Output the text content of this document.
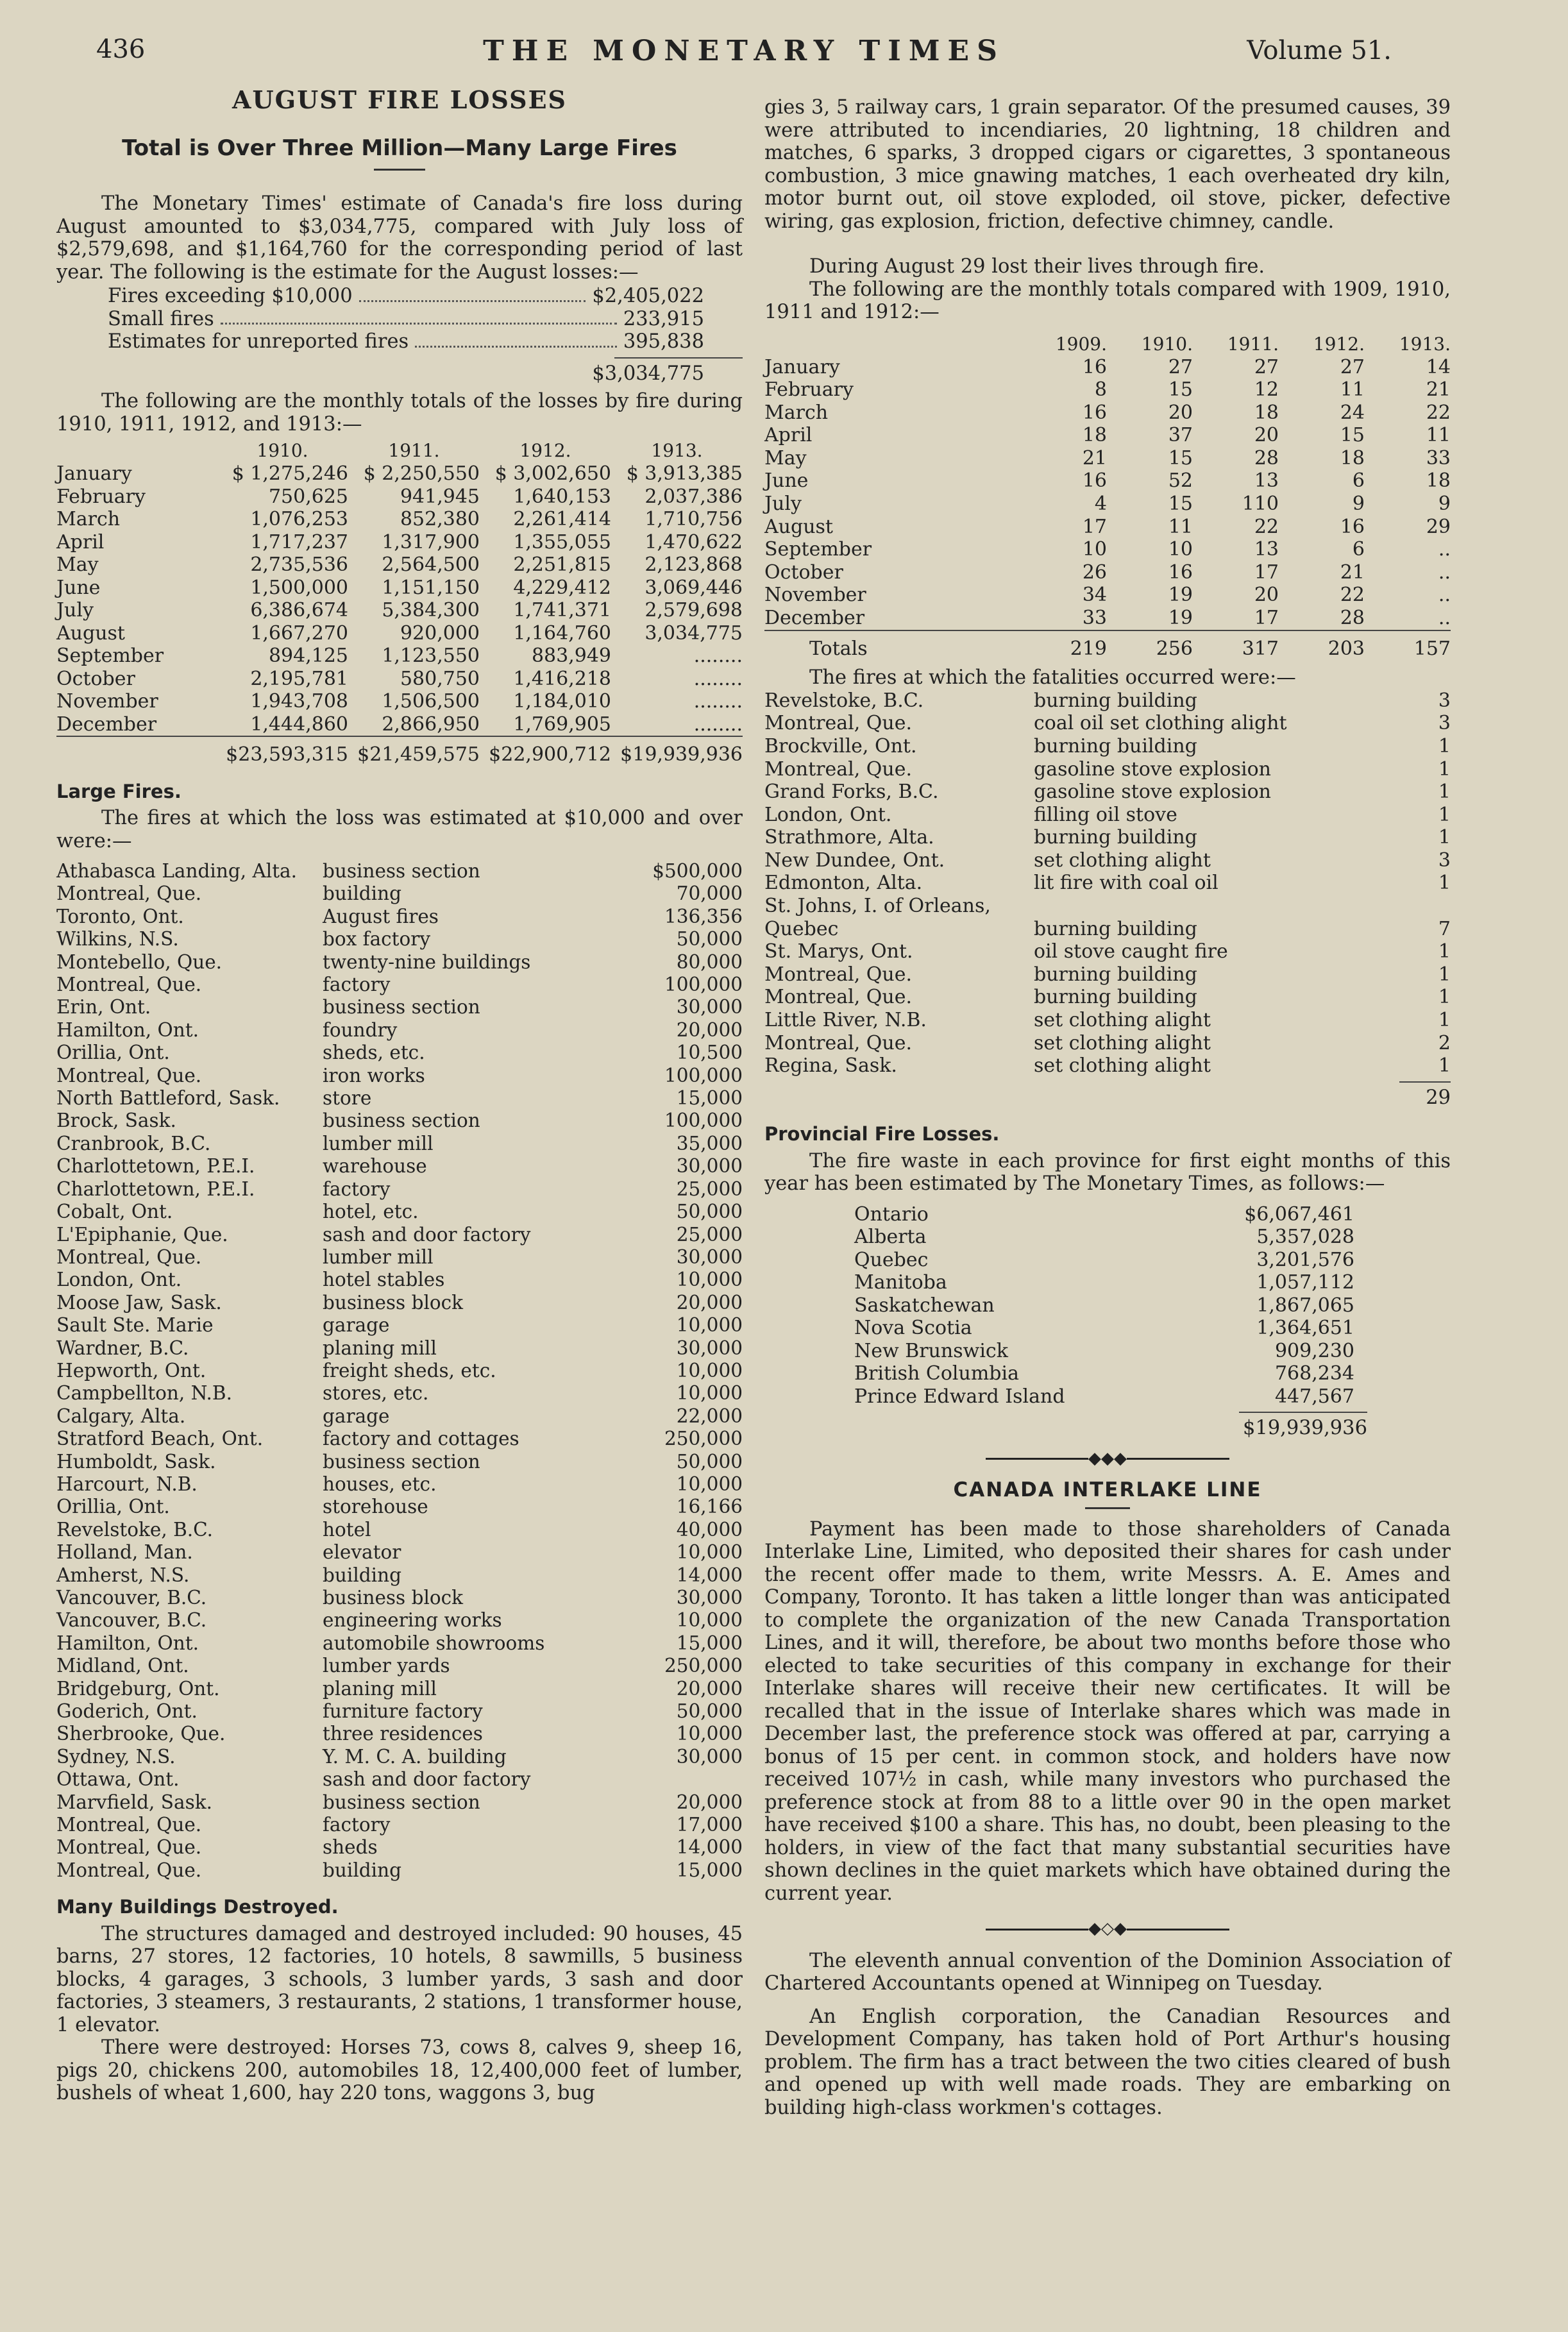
436	THE MONETARY TIMES	Volume 51.
AUGUST FIRE LOSSES
Total is Over Three Million—Many Large Fires

The Monetary Times' estimate of Canada's fire loss during August amounted to $3,034,775, compared with July loss of $2,579,698, and $1,164,760 for the corresponding period of last year. The following is the estimate for the August losses:—

Fires exceeding $10,000	$2,405,022
Small fires	233,915
Estimates for unreported fires	395,838
$3,034,775

The following are the monthly totals of the losses by fire during 1910, 1911, 1912, and 1913:—

	1910.	1911.	1912.	1913.
January	$ 1,275,246	$ 2,250,550	$ 3,002,650	$ 3,913,385
February	750,625	941,945	1,640,153	2,037,386
March	1,076,253	852,380	2,261,414	1,710,756
April	1,717,237	1,317,900	1,355,055	1,470,622
May	2,735,536	2,564,500	2,251,815	2,123,868
June	1,500,000	1,151,150	4,229,412	3,069,446
July	6,386,674	5,384,300	1,741,371	2,579,698
August	1,667,270	920,000	1,164,760	3,034,775
September	894,125	1,123,550	883,949	........
October	2,195,781	580,750	1,416,218	........
November	1,943,708	1,506,500	1,184,010	........
December	1,444,860	2,866,950	1,769,905	........
	$23,593,315	$21,459,575	$22,900,712	$19,939,936
Large Fires.

The fires at which the loss was estimated at $10,000 and over were:—

Athabasca Landing, Alta.	business section	$500,000
Montreal, Que.	building	70,000
Toronto, Ont.	August fires	136,356
Wilkins, N.S.	box factory	50,000
Montebello, Que.	twenty-nine buildings	80,000
Montreal, Que.	factory	100,000
Erin, Ont.	business section	30,000
Hamilton, Ont.	foundry	20,000
Orillia, Ont.	sheds, etc.	10,500
Montreal, Que.	iron works	100,000
North Battleford, Sask.	store	15,000
Brock, Sask.	business section	100,000
Cranbrook, B.C.	lumber mill	35,000
Charlottetown, P.E.I.	warehouse	30,000
Charlottetown, P.E.I.	factory	25,000
Cobalt, Ont.	hotel, etc.	50,000
L'Epiphanie, Que.	sash and door factory	25,000
Montreal, Que.	lumber mill	30,000
London, Ont.	hotel stables	10,000
Moose Jaw, Sask.	business block	20,000
Sault Ste. Marie	garage	10,000
Wardner, B.C.	planing mill	30,000
Hepworth, Ont.	freight sheds, etc.	10,000
Campbellton, N.B.	stores, etc.	10,000
Calgary, Alta.	garage	22,000
Stratford Beach, Ont.	factory and cottages	250,000
Humboldt, Sask.	business section	50,000
Harcourt, N.B.	houses, etc.	10,000
Orillia, Ont.	storehouse	16,166
Revelstoke, B.C.	hotel	40,000
Holland, Man.	elevator	10,000
Amherst, N.S.	building	14,000
Vancouver, B.C.	business block	30,000
Vancouver, B.C.	engineering works	10,000
Hamilton, Ont.	automobile showrooms	15,000
Midland, Ont.	lumber yards	250,000
Bridgeburg, Ont.	planing mill	20,000
Goderich, Ont.	furniture factory	50,000
Sherbrooke, Que.	three residences	10,000
Sydney, N.S.	Y. M. C. A. building	30,000
Ottawa, Ont.	sash and door factory	
Marvfield, Sask.	business section	20,000
Montreal, Que.	factory	17,000
Montreal, Que.	sheds	14,000
Montreal, Que.	building	15,000
Many Buildings Destroyed.

The structures damaged and destroyed included: 90 houses, 45 barns, 27 stores, 12 factories, 10 hotels, 8 sawmills, 5 business blocks, 4 garages, 3 schools, 3 lumber yards, 3 sash and door factories, 3 steamers, 3 restaurants, 2 stations, 1 transformer house, 1 elevator.

There were destroyed: Horses 73, cows 8, calves 9, sheep 16, pigs 20, chickens 200, automobiles 18, 12,400,000 feet of lumber, bushels of wheat 1,600, hay 220 tons, waggons 3, bug

gies 3, 5 railway cars, 1 grain separator. Of the presumed causes, 39 were attributed to incendiaries, 20 lightning, 18 children and matches, 6 sparks, 3 dropped cigars or cigarettes, 3 spontaneous combustion, 3 mice gnawing matches, 1 each overheated dry kiln, motor burnt out, oil stove exploded, oil stove, picker, defective wiring, gas explosion, friction, defective chimney, candle.

During August 29 lost their lives through fire.

The following are the monthly totals compared with 1909, 1910, 1911 and 1912:—

	1909.	1910.	1911.	1912.	1913.
January	16	27	27	27	14
February	8	15	12	11	21
March	16	20	18	24	22
April	18	37	20	15	11
May	21	15	28	18	33
June	16	52	13	6	18
July	4	15	110	9	9
August	17	11	22	16	29
September	10	10	13	6	..
October	26	16	17	21	..
November	34	19	20	22	..
December	33	19	17	28	..
Totals	219	256	317	203	157

The fires at which the fatalities occurred were:—

Revelstoke, B.C.	burning building	3
Montreal, Que.	coal oil set clothing alight	3
Brockville, Ont.	burning building	1
Montreal, Que.	gasoline stove explosion	1
Grand Forks, B.C.	gasoline stove explosion	1
London, Ont.	filling oil stove	1
Strathmore, Alta.	burning building	1
New Dundee, Ont.	set clothing alight	3
Edmonton, Alta.	lit fire with coal oil	1
St. Johns, I. of Orleans, Quebec	burning building	7
St. Marys, Ont.	oil stove caught fire	1
Montreal, Que.	burning building	1
Montreal, Que.	burning building	1
Little River, N.B.	set clothing alight	1
Montreal, Que.	set clothing alight	2
Regina, Sask.	set clothing alight	1
29
Provincial Fire Losses.

The fire waste in each province for first eight months of this year has been estimated by The Monetary Times, as follows:—

Ontario	$6,067,461
Alberta	5,357,028
Quebec	3,201,576
Manitoba	1,057,112
Saskatchewan	1,867,065
Nova Scotia	1,364,651
New Brunswick	909,230
British Columbia	768,234
Prince Edward Island	447,567
$19,939,936
◆◆◆
CANADA INTERLAKE LINE

Payment has been made to those shareholders of Canada Interlake Line, Limited, who deposited their shares for cash under the recent offer made to them, write Messrs. A. E. Ames and Company, Toronto. It has taken a little longer than was anticipated to complete the organization of the new Canada Transportation Lines, and it will, therefore, be about two months before those who elected to take securities of this company in exchange for their Interlake shares will receive their new certificates. It will be recalled that in the issue of Interlake shares which was made in December last, the preference stock was offered at par, carrying a bonus of 15 per cent. in common stock, and holders have now received 107½ in cash, while many investors who purchased the preference stock at from 88 to a little over 90 in the open market have received $100 a share. This has, no doubt, been pleasing to the holders, in view of the fact that many substantial securities have shown declines in the quiet markets which have obtained during the current year.

◆◇◆

The eleventh annual convention of the Dominion Association of Chartered Accountants opened at Winnipeg on Tuesday.

An English corporation, the Canadian Resources and Development Company, has taken hold of Port Arthur's housing problem. The firm has a tract between the two cities cleared of bush and opened up with well made roads. They are embarking on building high-class workmen's cottages.
